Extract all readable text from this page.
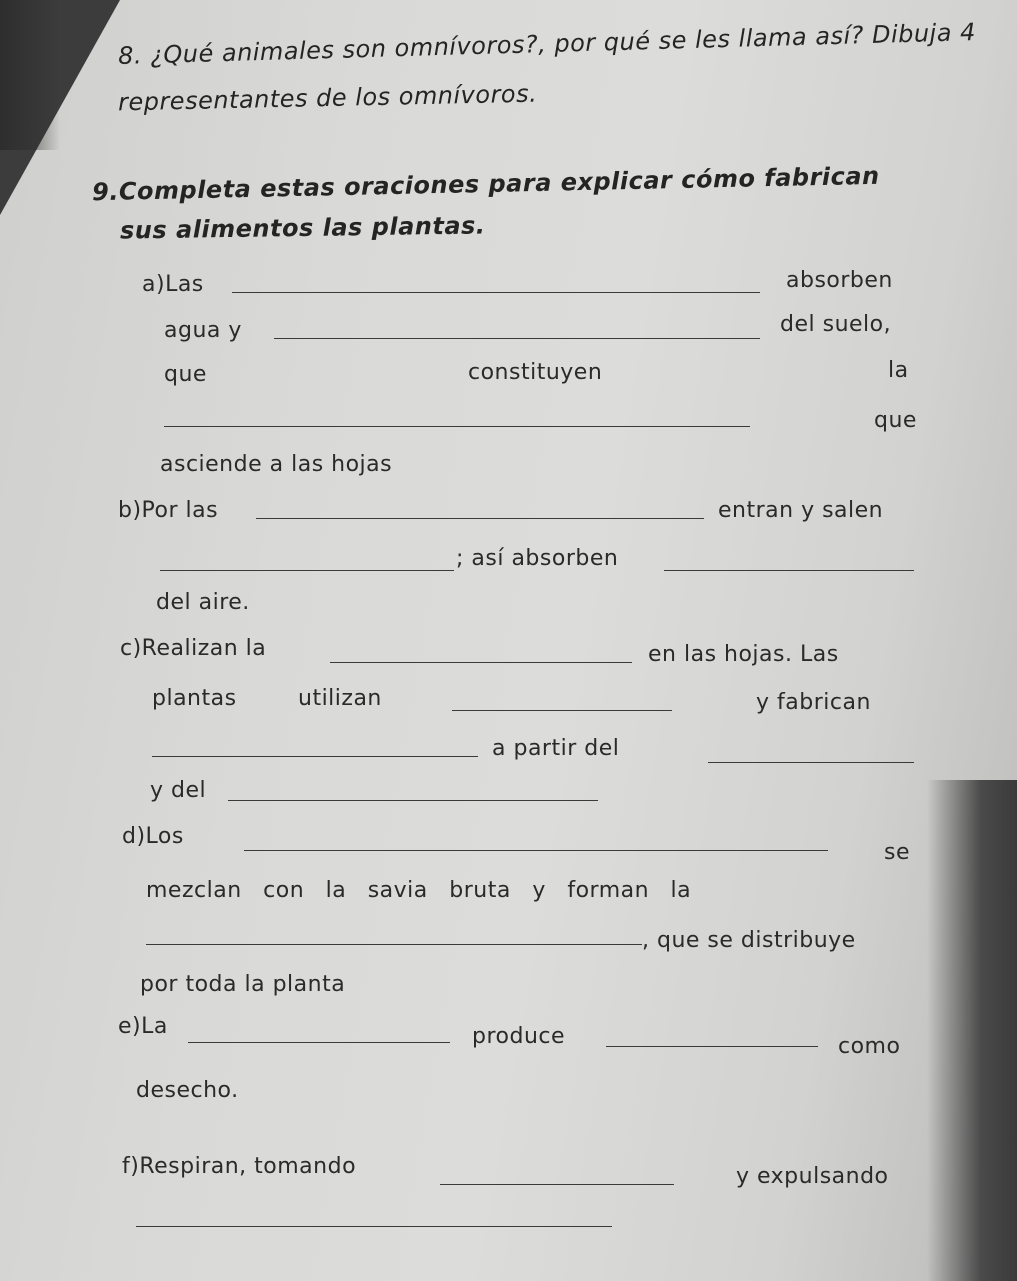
8. ¿Qué animales son omnívoros?, por qué se les llama así? Dibuja 4
representantes de los omnívoros.
9.Completa estas oraciones para explicar cómo fabrican
sus alimentos las plantas.
a)Las	absorben
agua y	del suelo,
que	constituyen	la
que
asciende a las hojas
b)Por las	entran y salen
; así absorben
del aire.
c)Realizan la	en las hojas. Las
plantas	utilizan	y fabrican
a partir del
y del
d)Los
se
mezclan con la savia bruta y forman la
, que se distribuye
por toda la planta
e)La	produce	como
desecho.
f)Respiran, tomando	y expulsando
